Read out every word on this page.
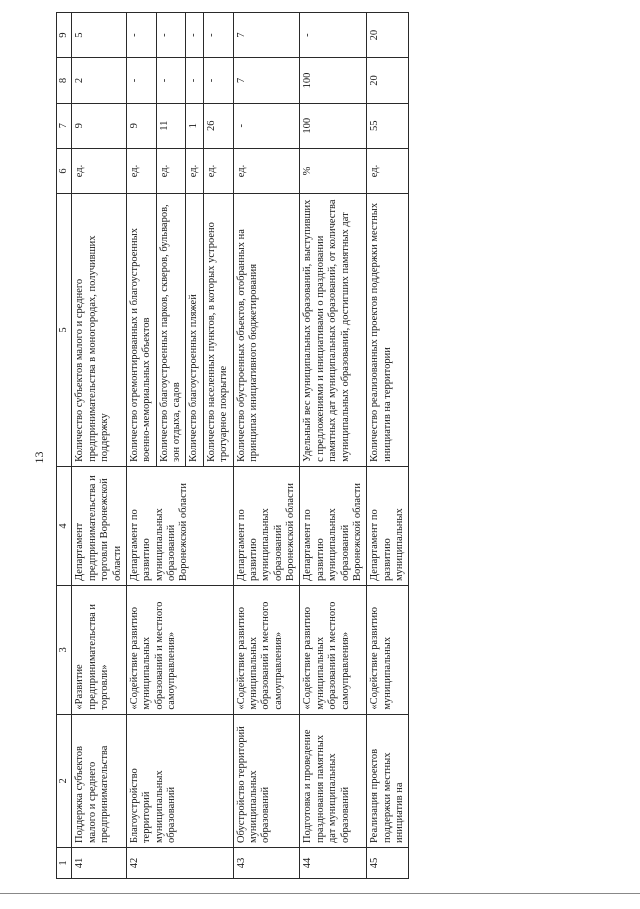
13
1	2	3	4	5	6	7	8	9
41	Поддержка субъектов малого и среднего предпринимательства	«Развитие предпринимательства и торговли»	Департамент предпринимательства и торговли Воронежской области	Количество субъектов малого и среднего предпринимательства в моногородах, получивших поддержку	ед.	9	2	5
42	Благоустройство территорий муниципальных образований	«Содействие развитию муниципальных образований и местного самоуправления»	Департамент по развитию муниципальных образований Воронежской области	Количество отремонтированных и благоустроенных военно-мемориальных объектов	ед.	9	-	-
				Количество благоустроенных парков, скверов, бульваров, зон отдыха, садов	ед.	11	-	-
				Количество благоустроенных пляжей	ед.	1	-	-
				Количество населенных пунктов, в которых устроено тротуарное покрытие	ед.	26	-	-
43	Обустройство территорий муниципальных образований	«Содействие развитию муниципальных образований и местного самоуправления»	Департамент по развитию муниципальных образований Воронежской области	Количество обустроенных объектов, отобранных на принципах инициативного бюджетирования	ед.	-	7	7
44	Подготовка и проведение празднования памятных дат муниципальных образований	«Содействие развитию муниципальных образований и местного самоуправления»	Департамент по развитию муниципальных образований Воронежской области	Удельный вес муниципальных образований, выступивших с предложениями и инициативами о праздновании памятных дат муниципальных образований, от количества муниципальных образований, достигших памятных дат	%	100	100	-
45	Реализация проектов поддержки местных инициатив на	«Содействие развитию муниципальных	Департамент по развитию муниципальных	Количество реализованных проектов поддержки местных инициатив на территории	ед.	55	20	20
